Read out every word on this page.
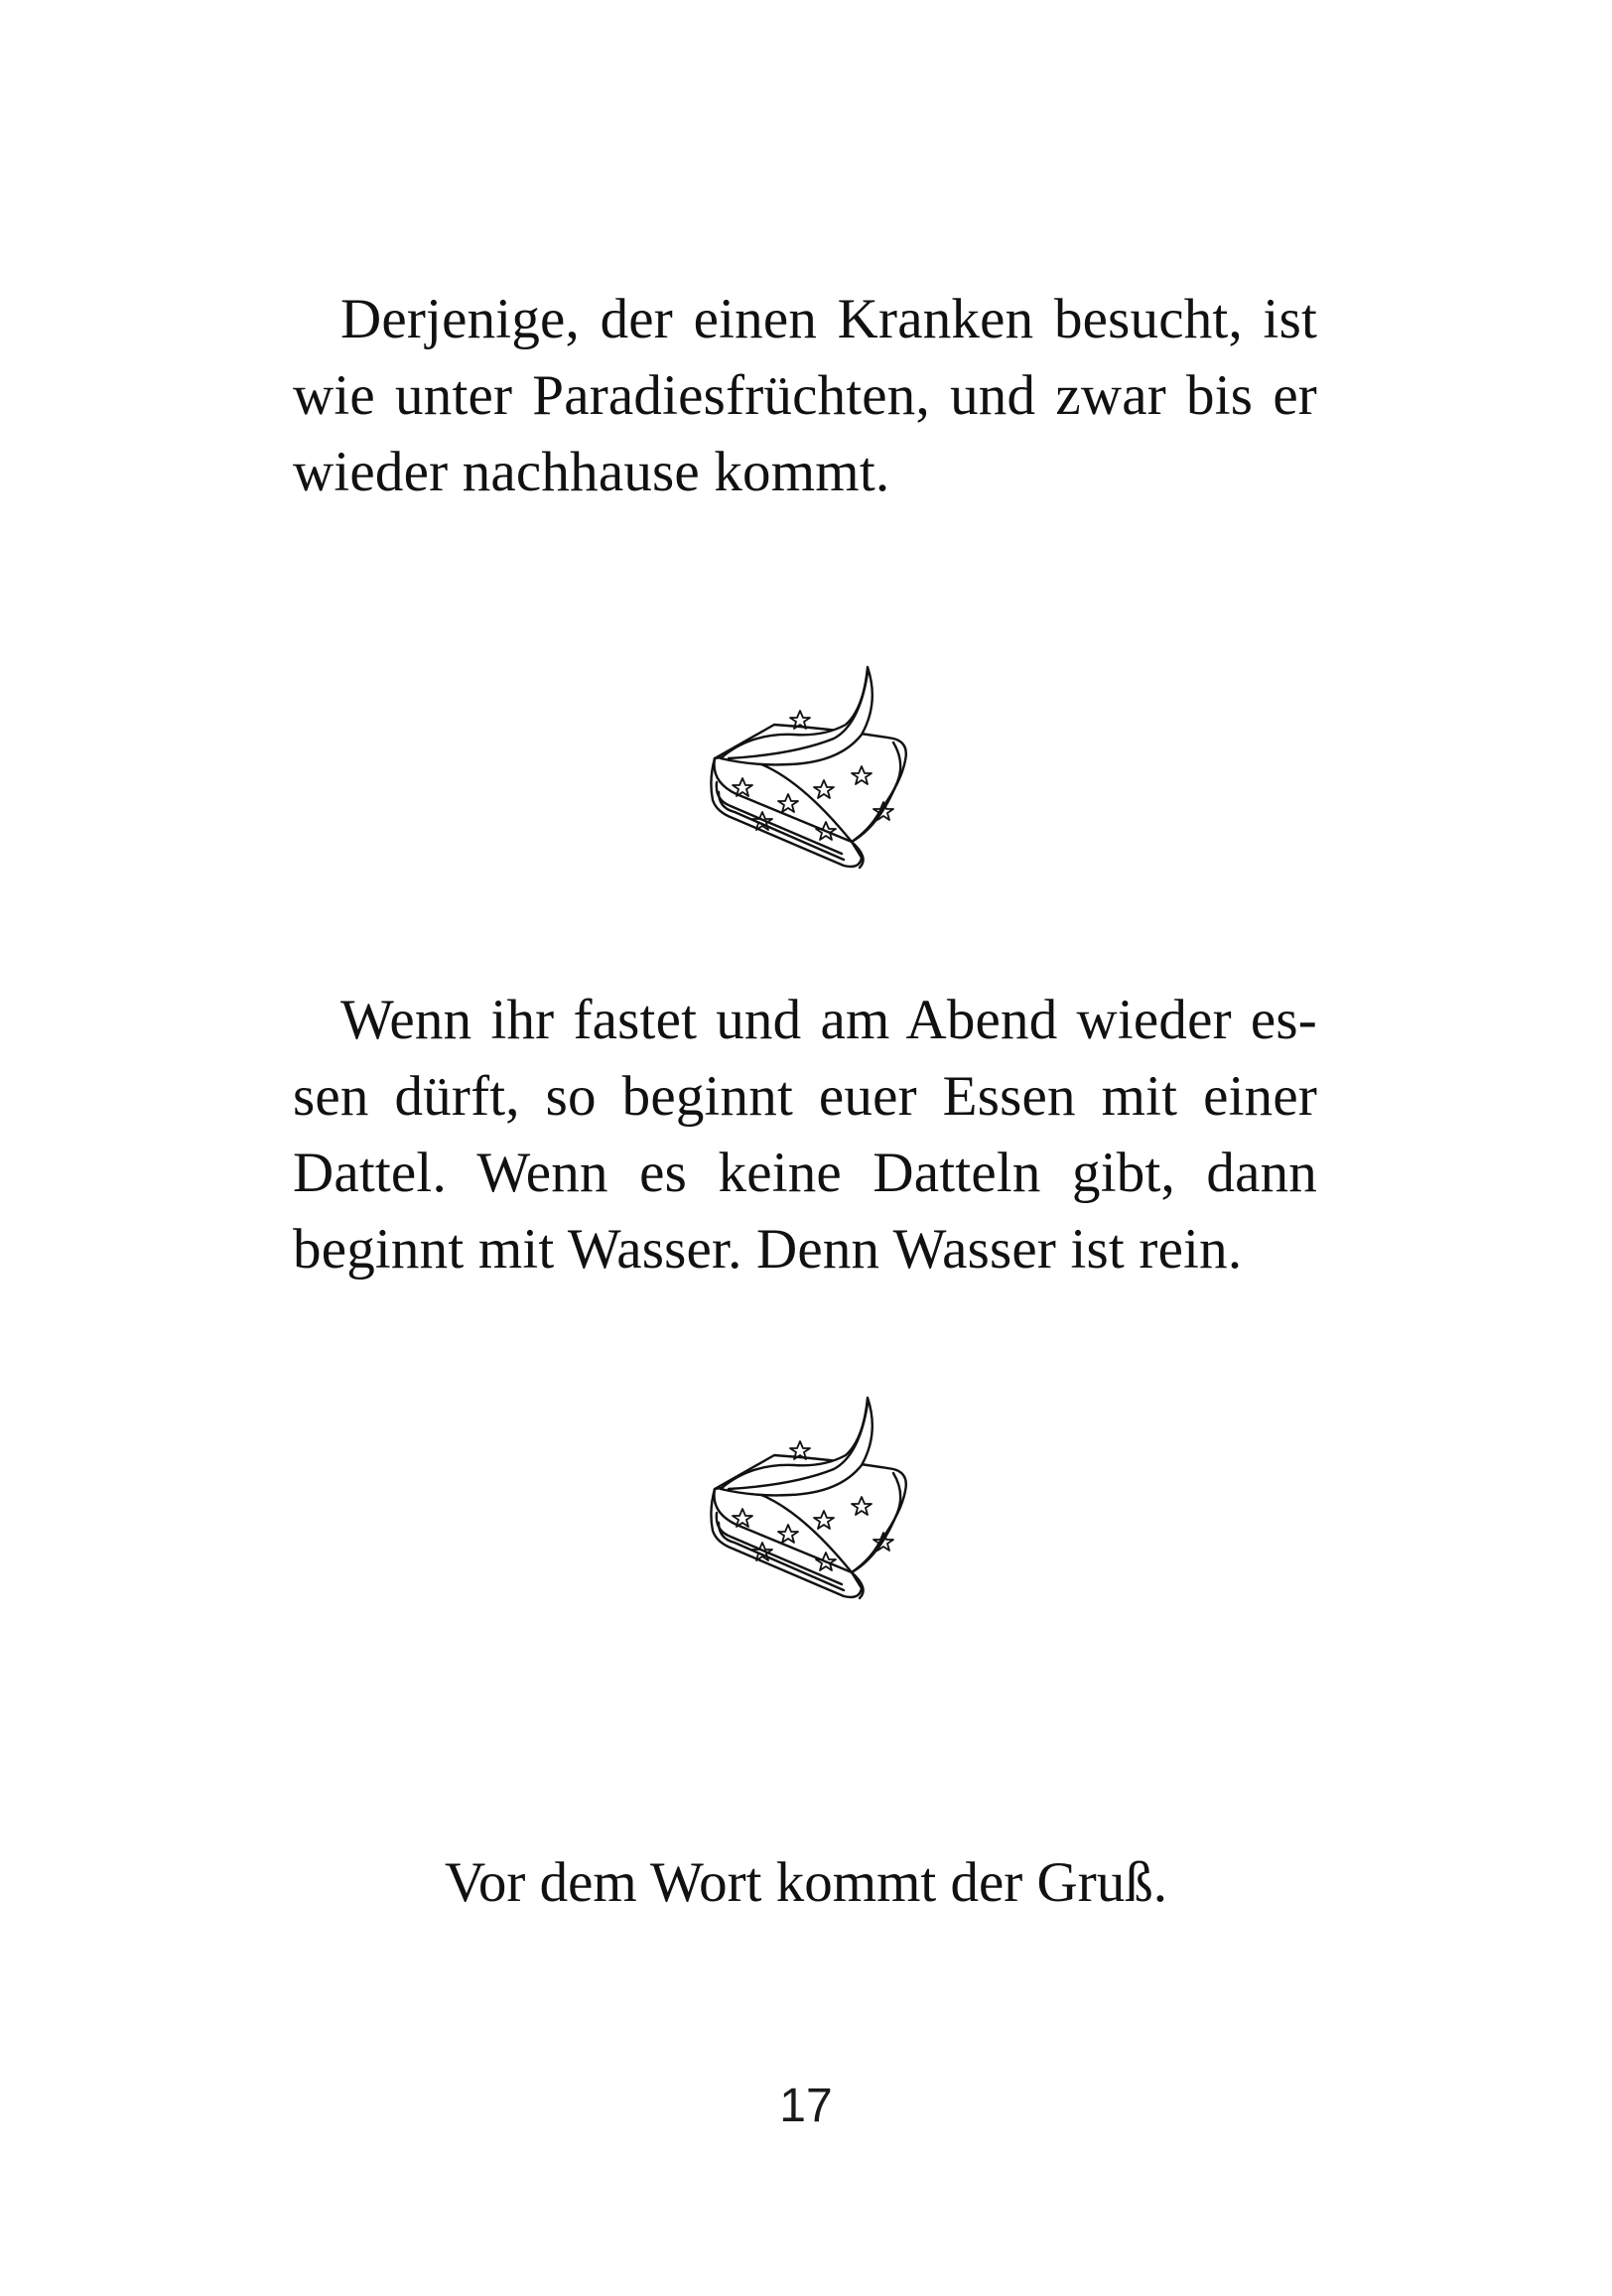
Derjenige, der einen Kranken besucht, ist
wie unter Paradiesfrüchten, und zwar bis er
wieder nachhause kommt.

Wenn ihr fastet und am Abend wieder es-
sen dürft, so beginnt euer Essen mit einer
Dattel. Wenn es keine Datteln gibt, dann
beginnt mit Wasser. Denn Wasser ist rein.

Vor dem Wort kommt der Gruß.

17
